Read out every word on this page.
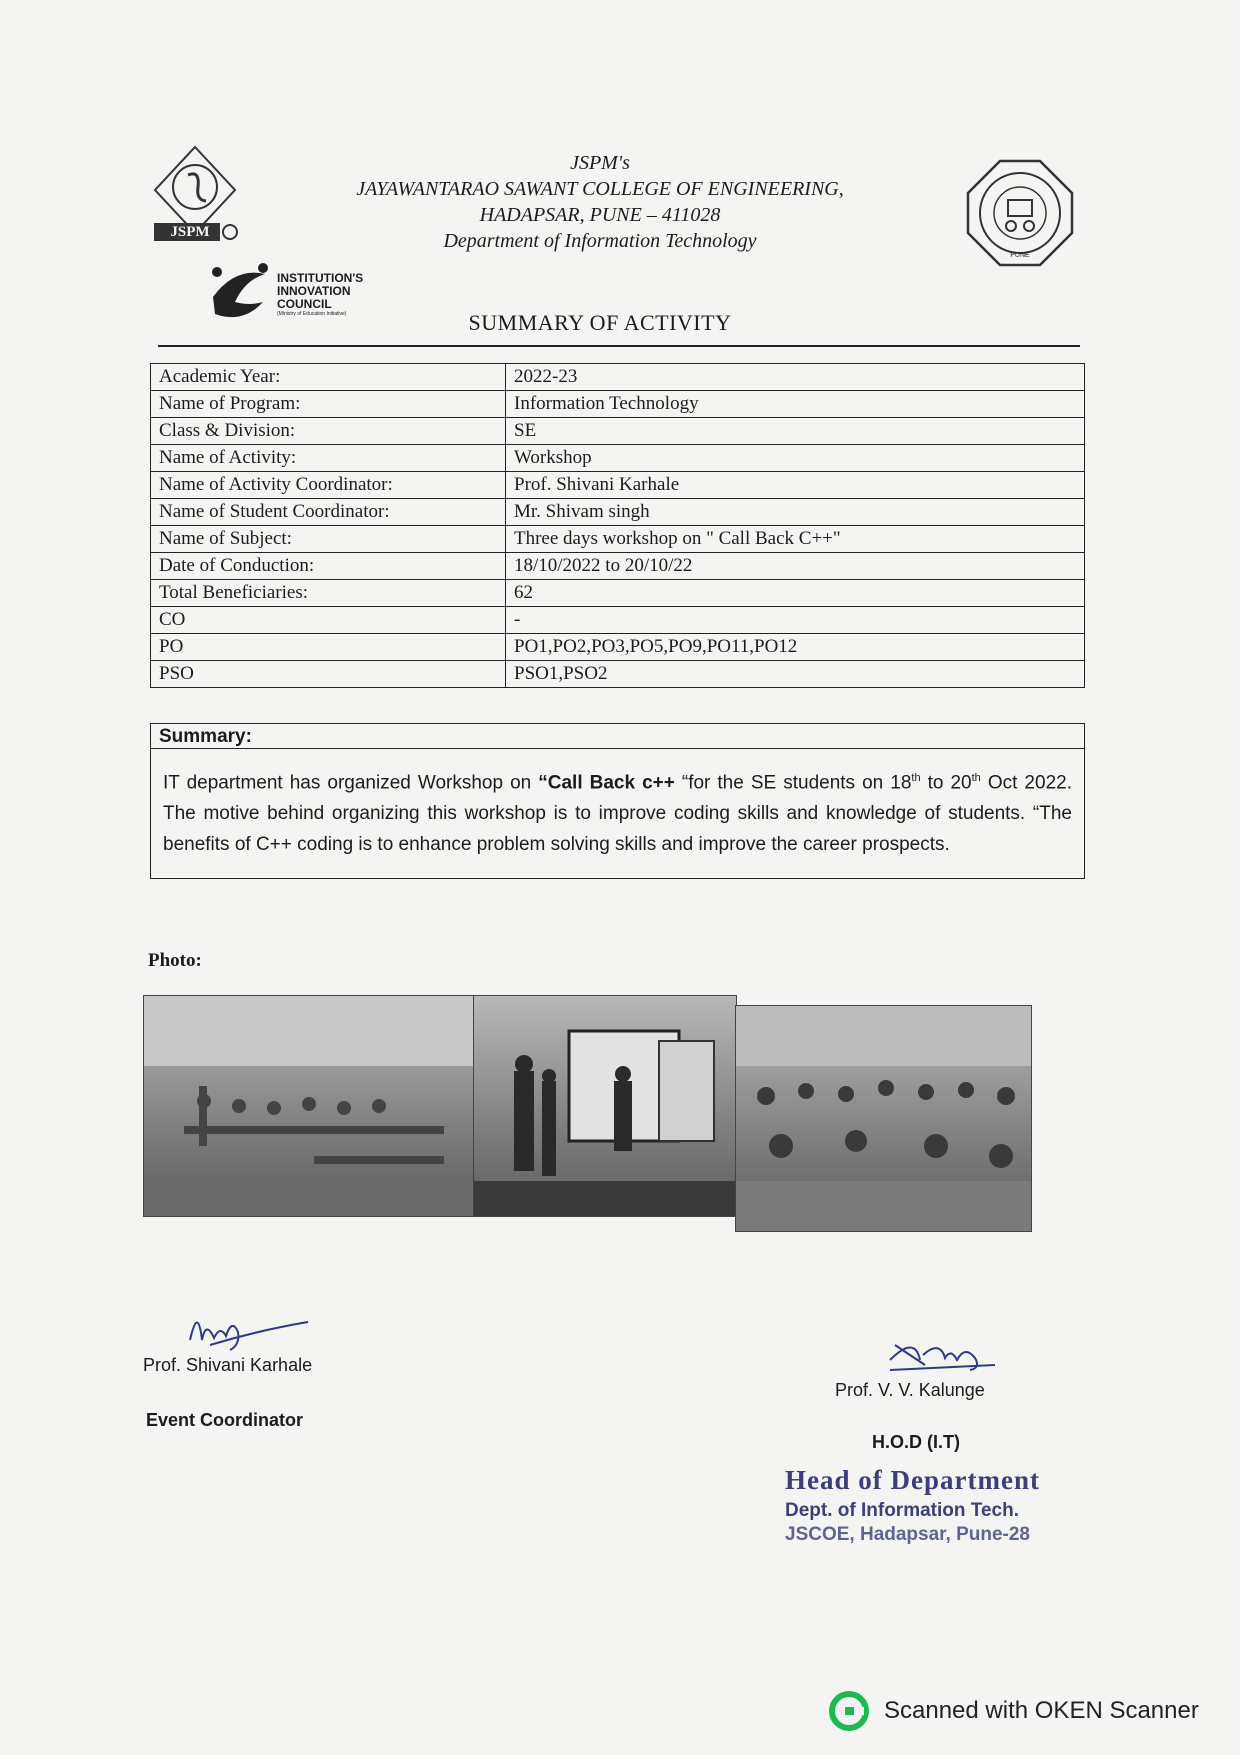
JSPM
JSPM's
JAYAWANTARAO SAWANT COLLEGE OF ENGINEERING,
HADAPSAR, PUNE – 411028
Department of Information Technology
PUNE
INSTITUTION'S
INNOVATION
COUNCIL
(Ministry of Education Initiative)	SUMMARY OF ACTIVITY
Academic Year:	2022-23
Name of Program:	Information Technology
Class & Division:	SE
Name of Activity:	Workshop
Name of Activity Coordinator:	Prof. Shivani Karhale
Name of Student Coordinator:	Mr. Shivam singh
Name of Subject:	Three days workshop on " Call Back C++"
Date of Conduction:	18/10/2022 to 20/10/22
Total Beneficiaries:	62
CO	-
PO	PO1,PO2,PO3,PO5,PO9,PO11,PO12
PSO	PSO1,PSO2
Summary:
IT department has organized Workshop on “Call Back c++ “for the SE students on 18th to 20th Oct 2022. The motive behind organizing this workshop is to improve coding skills and knowledge of students. “The benefits of C++ coding is to enhance problem solving skills and improve the career prospects.
Photo:
Prof. Shivani Karhale
Event Coordinator
Prof. V. V. Kalunge
H.O.D (I.T)
Head of Department
Dept. of Information Tech.
JSCOE, Hadapsar, Pune-28
Scanned with OKEN Scanner
